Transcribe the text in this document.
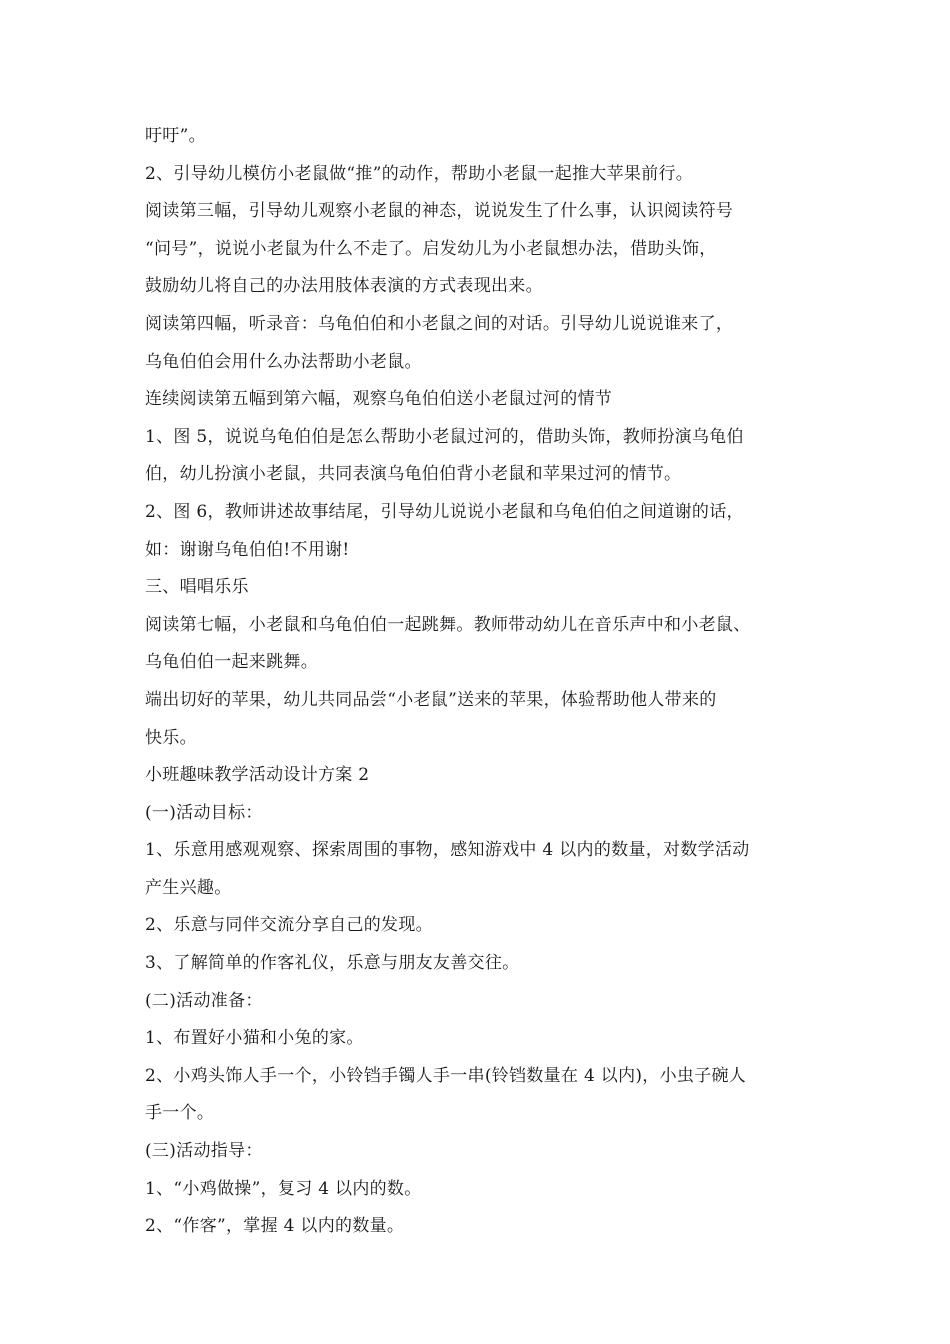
吁吁”。
2、引导幼儿模仿小老鼠做“推”的动作，帮助小老鼠一起推大苹果前行。
阅读第三幅，引导幼儿观察小老鼠的神态，说说发生了什么事，认识阅读符号
“问号”，说说小老鼠为什么不走了。启发幼儿为小老鼠想办法，借助头饰，
鼓励幼儿将自己的办法用肢体表演的方式表现出来。
阅读第四幅，听录音：乌龟伯伯和小老鼠之间的对话。引导幼儿说说谁来了，
乌龟伯伯会用什么办法帮助小老鼠。
连续阅读第五幅到第六幅，观察乌龟伯伯送小老鼠过河的情节
1、图 5，说说乌龟伯伯是怎么帮助小老鼠过河的，借助头饰，教师扮演乌龟伯
伯，幼儿扮演小老鼠，共同表演乌龟伯伯背小老鼠和苹果过河的情节。
2、图 6，教师讲述故事结尾，引导幼儿说说小老鼠和乌龟伯伯之间道谢的话，
如：谢谢乌龟伯伯!不用谢!
三、唱唱乐乐
阅读第七幅，小老鼠和乌龟伯伯一起跳舞。教师带动幼儿在音乐声中和小老鼠、
乌龟伯伯一起来跳舞。
端出切好的苹果，幼儿共同品尝“小老鼠”送来的苹果，体验帮助他人带来的
快乐。
小班趣味教学活动设计方案 2
(一)活动目标：
1、乐意用感观观察、探索周围的事物，感知游戏中 4 以内的数量，对数学活动
产生兴趣。
2、乐意与同伴交流分享自己的发现。
3、了解简单的作客礼仪，乐意与朋友友善交往。
(二)活动准备：
1、布置好小猫和小兔的家。
2、小鸡头饰人手一个，小铃铛手镯人手一串(铃铛数量在 4 以内)，小虫子碗人
手一个。
(三)活动指导：
1、“小鸡做操”，复习 4 以内的数。
2、“作客”，掌握 4 以内的数量。
